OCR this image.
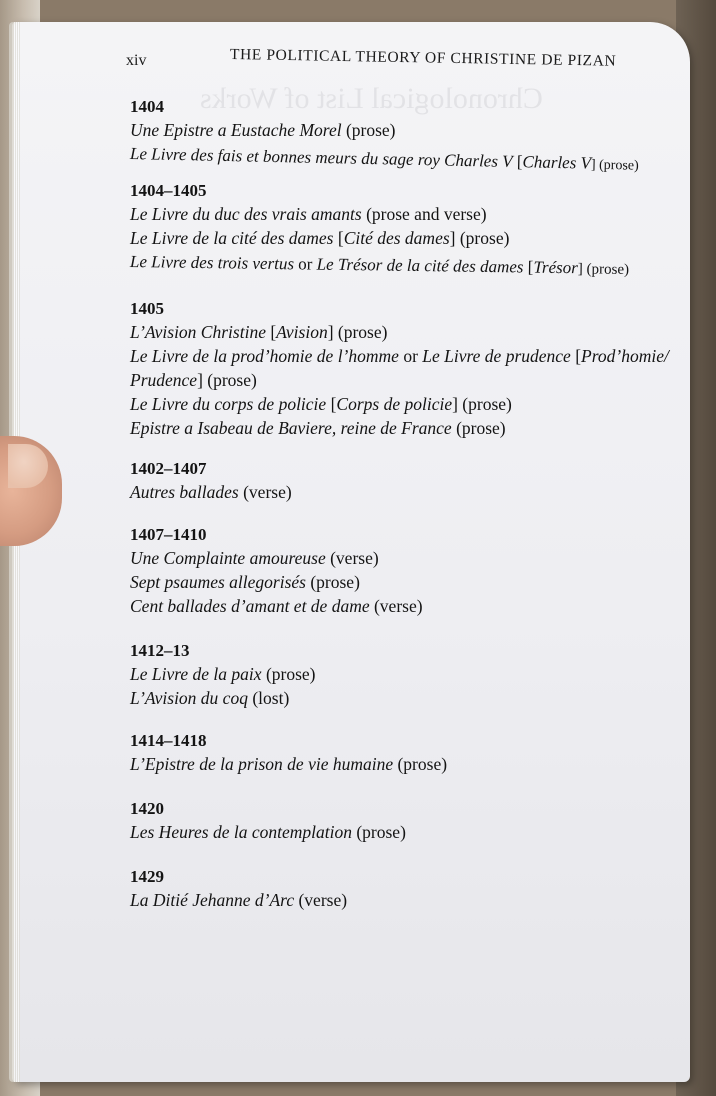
Chronological List of Works
xiv	THE POLITICAL THEORY OF CHRISTINE DE PIZAN
1404
Une Epistre a Eustache Morel (prose)
Le Livre des fais et bonnes meurs du sage roy Charles V [Charles V] (prose)
1404–1405
Le Livre du duc des vrais amants (prose and verse)
Le Livre de la cité des dames [Cité des dames] (prose)
Le Livre des trois vertus or Le Trésor de la cité des dames [Trésor] (prose)
1405
L’Avision Christine [Avision] (prose)
Le Livre de la prod’homie de l’homme or Le Livre de prudence [Prod’homie/ Prudence] (prose)
Le Livre du corps de policie [Corps de policie] (prose)
Epistre a Isabeau de Baviere, reine de France (prose)
1402–1407
Autres ballades (verse)
1407–1410
Une Complainte amoureuse (verse)
Sept psaumes allegorisés (prose)
Cent ballades d’amant et de dame (verse)
1412–13
Le Livre de la paix (prose)
L’Avision du coq (lost)
1414–1418
L’Epistre de la prison de vie humaine (prose)
1420
Les Heures de la contemplation (prose)
1429
La Ditié Jehanne d’Arc (verse)
